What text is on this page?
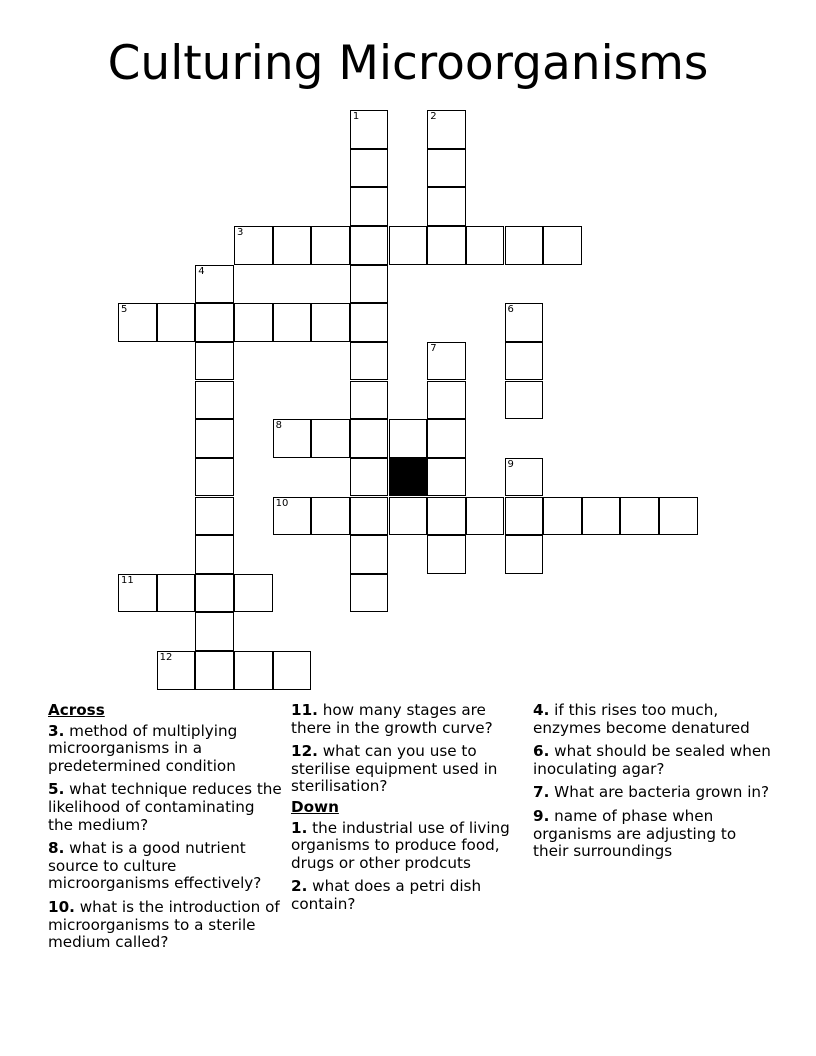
Culturing Microorganisms
1	2
3
4
5	6
7
8
9
10
11
12
Across
3. method of multiplying microorganisms in a predetermined condition
5. what technique reduces the likelihood of contaminating the medium?
8. what is a good nutrient source to culture microorganisms effectively?
10. what is the introduction of microorganisms to a sterile medium called?
11. how many stages are there in the growth curve?
12. what can you use to sterilise equipment used in sterilisation?
Down
1. the industrial use of living organisms to produce food, drugs or other prodcuts
2. what does a petri dish contain?
4. if this rises too much, enzymes become denatured
6. what should be sealed when inoculating agar?
7. What are bacteria grown in?
9. name of phase when organisms are adjusting to their surroundings
